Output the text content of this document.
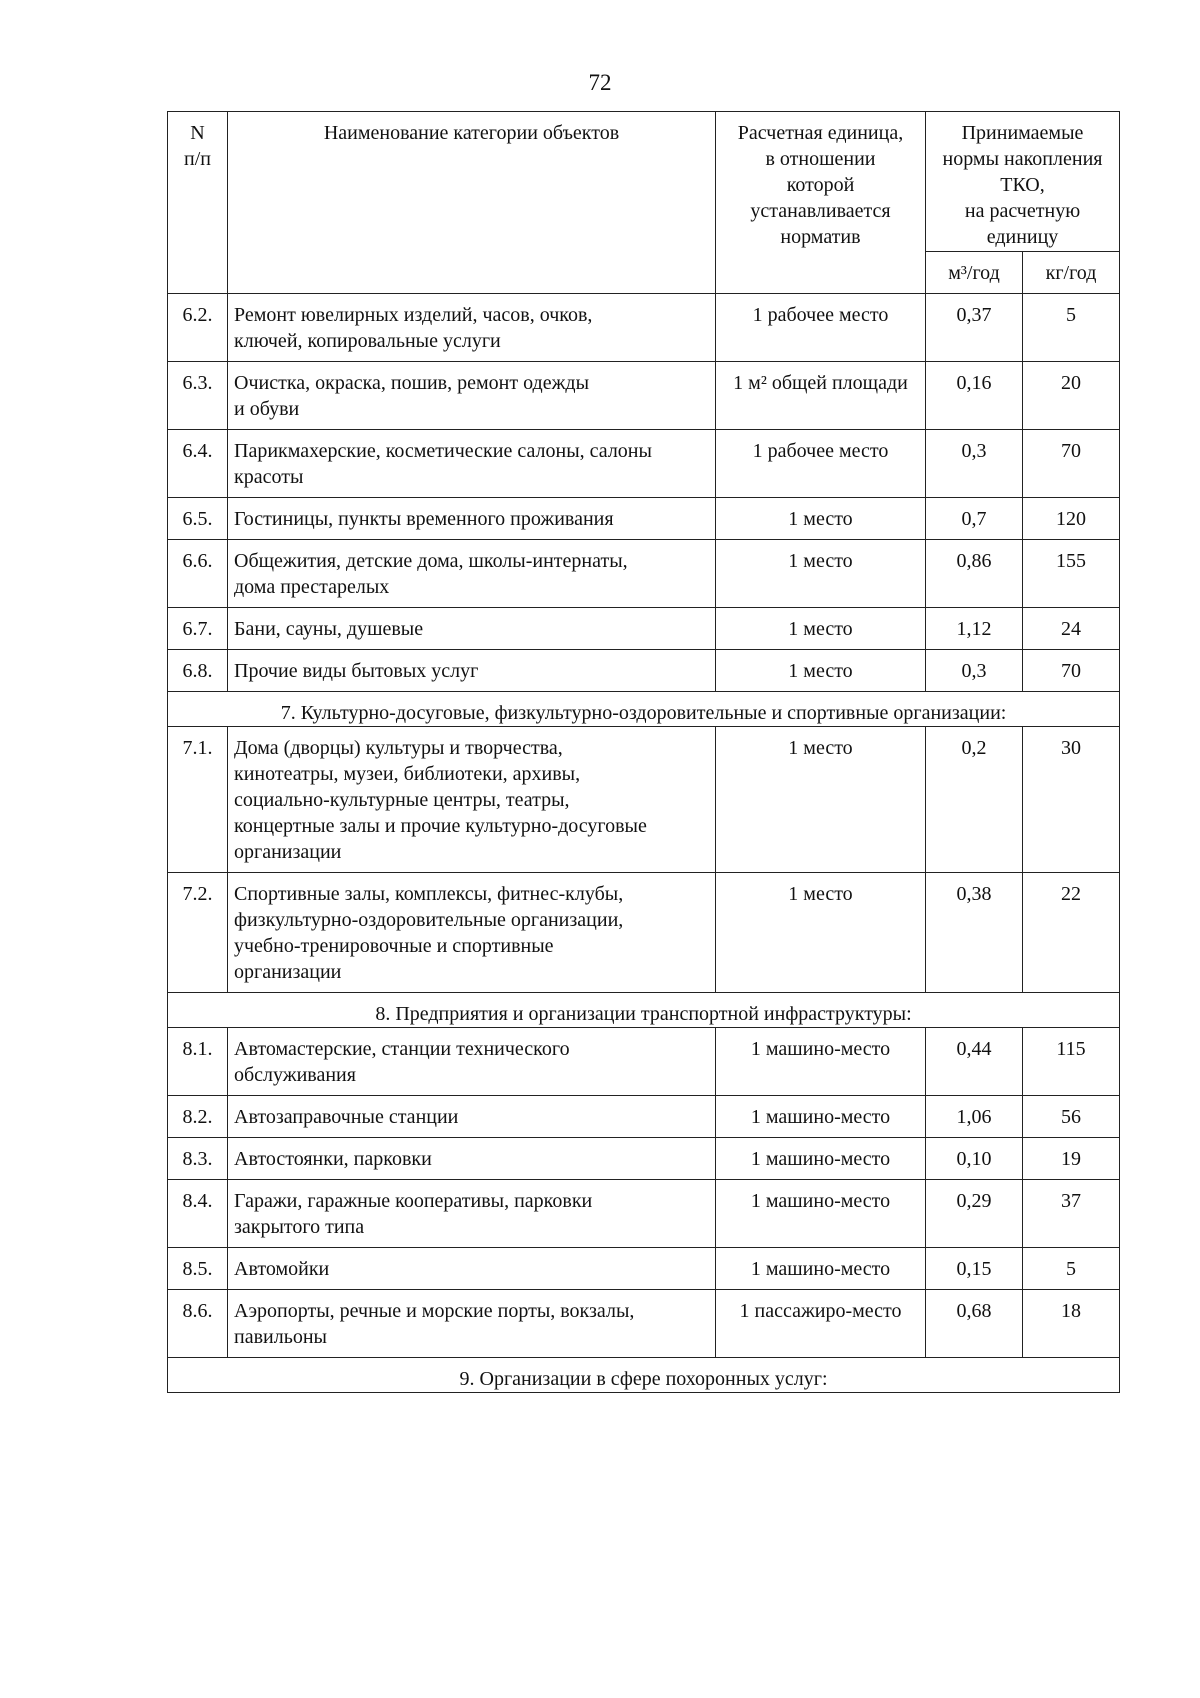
72
N
п/п	Наименование категории объектов	Расчетная единица,
в отношении
которой
устанавливается
норматив	Принимаемые
нормы накопления
ТКО,
на расчетную
единицу	

			м³/год	кг/год
6.2.	Ремонт ювелирных изделий, часов, очков,
ключей, копировальные услуги	1 рабочее место	0,37	5
6.3.	Очистка, окраска, пошив, ремонт одежды
и обуви	1 м² общей площади	0,16	20
6.4.	Парикмахерские, косметические салоны, салоны
красоты	1 рабочее место	0,3	70
6.5.	Гостиницы, пункты временного проживания	1 место	0,7	120
6.6.	Общежития, детские дома, школы-интернаты,
дома престарелых	1 место	0,86	155
6.7.	Бани, сауны, душевые	1 место	1,12	24
6.8.	Прочие виды бытовых услуг	1 место	0,3	70
7. Культурно-досуговые, физкультурно-оздоровительные и спортивные организации:				
7.1.	Дома (дворцы) культуры и творчества,
кинотеатры, музеи, библиотеки, архивы,
социально-культурные центры, театры,
концертные залы и прочие культурно-досуговые
организации	1 место	0,2	30
7.2.	Спортивные залы, комплексы, фитнес-клубы,
физкультурно-оздоровительные организации,
учебно-тренировочные и спортивные
организации	1 место	0,38	22
8. Предприятия и организации транспортной инфраструктуры:				
8.1.	Автомастерские, станции технического
обслуживания	1 машино-место	0,44	115
8.2.	Автозаправочные станции	1 машино-место	1,06	56
8.3.	Автостоянки, парковки	1 машино-место	0,10	19
8.4.	Гаражи, гаражные кооперативы, парковки
закрытого типа	1 машино-место	0,29	37
8.5.	Автомойки	1 машино-место	0,15	5
8.6.	Аэропорты, речные и морские порты, вокзалы,
павильоны	1 пассажиро-место	0,68	18
9. Организации в сфере похоронных услуг:				
